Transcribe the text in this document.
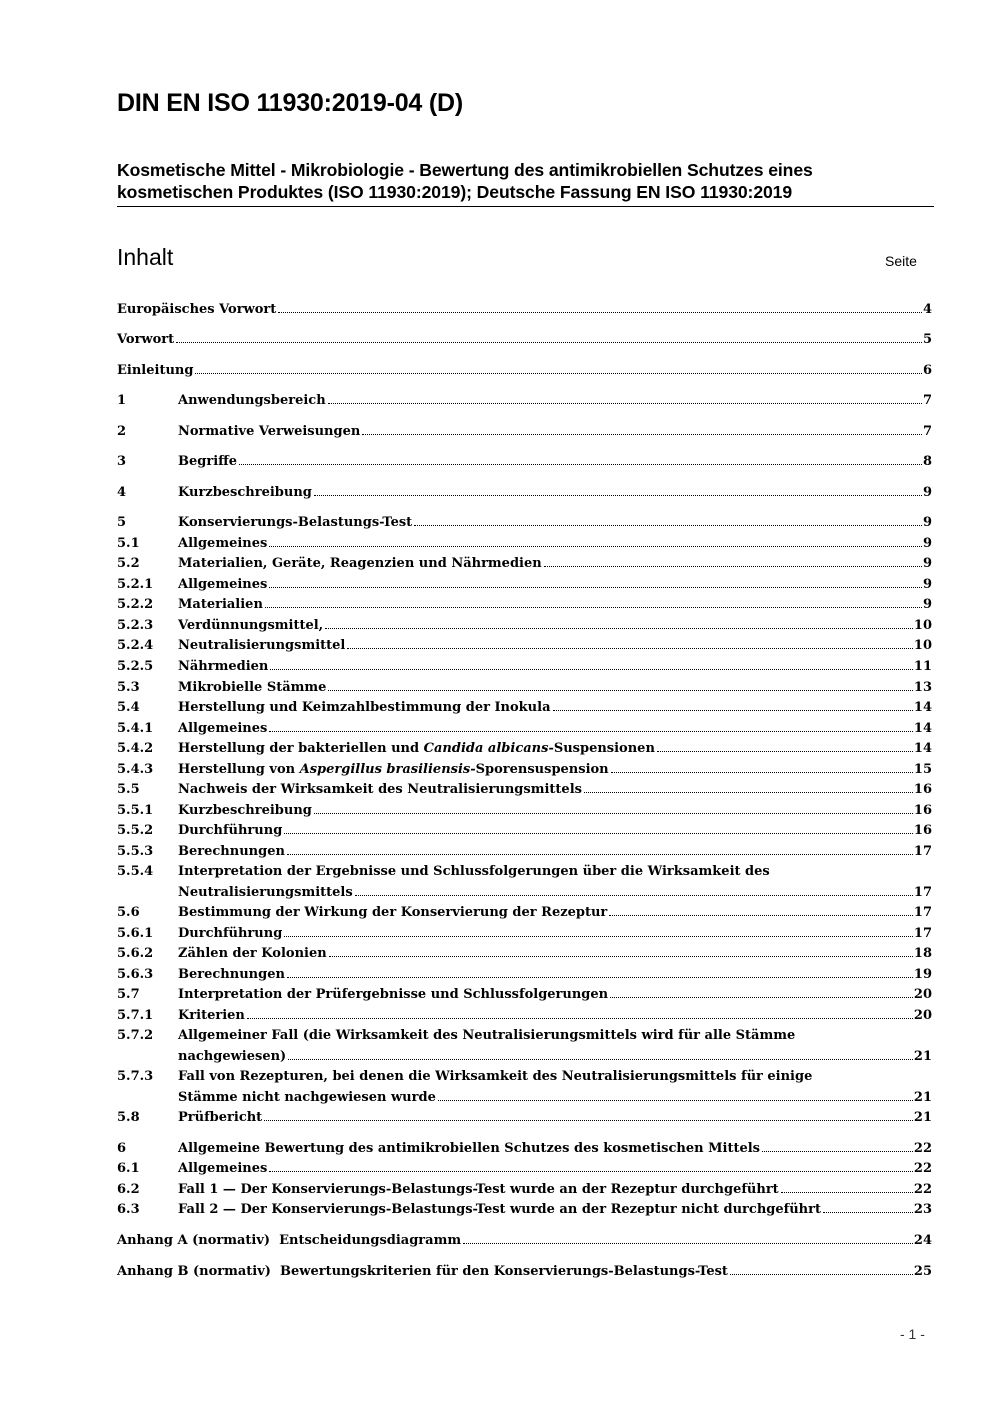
DIN EN ISO 11930:2019-04 (D)
Kosmetische Mittel - Mikrobiologie - Bewertung des antimikrobiellen Schutzes eines
kosmetischen Produktes (ISO 11930:2019); Deutsche Fassung EN ISO 11930:2019
Inhalt	Seite
Europäisches Vorwort	4
Vorwort	5
Einleitung	6
1	Anwendungsbereich	7
2	Normative Verweisungen	7
3	Begriffe	8
4	Kurzbeschreibung	9
5	Konservierungs-Belastungs-Test	9
5.1	Allgemeines	9
5.2	Materialien, Geräte, Reagenzien und Nährmedien	9
5.2.1	Allgemeines	9
5.2.2	Materialien	9
5.2.3	Verdünnungsmittel,	10
5.2.4	Neutralisierungsmittel	10
5.2.5	Nährmedien	11
5.3	Mikrobielle Stämme	13
5.4	Herstellung und Keimzahlbestimmung der Inokula	14
5.4.1	Allgemeines	14
5.4.2	Herstellung der bakteriellen und Candida albicans-Suspensionen	14
5.4.3	Herstellung von Aspergillus brasiliensis-Sporensuspension	15
5.5	Nachweis der Wirksamkeit des Neutralisierungsmittels	16
5.5.1	Kurzbeschreibung	16
5.5.2	Durchführung	16
5.5.3	Berechnungen	17
5.5.4	Interpretation der Ergebnisse und Schlussfolgerungen über die Wirksamkeit des
Neutralisierungsmittels	17
5.6	Bestimmung der Wirkung der Konservierung der Rezeptur	17
5.6.1	Durchführung	17
5.6.2	Zählen der Kolonien	18
5.6.3	Berechnungen	19
5.7	Interpretation der Prüfergebnisse und Schlussfolgerungen	20
5.7.1	Kriterien	20
5.7.2	Allgemeiner Fall (die Wirksamkeit des Neutralisierungsmittels wird für alle Stämme
nachgewiesen)	21
5.7.3	Fall von Rezepturen, bei denen die Wirksamkeit des Neutralisierungsmittels für einige
Stämme nicht nachgewiesen wurde	21
5.8	Prüfbericht	21
6	Allgemeine Bewertung des antimikrobiellen Schutzes des kosmetischen Mittels	22
6.1	Allgemeines	22
6.2	Fall 1 — Der Konservierungs-Belastungs-Test wurde an der Rezeptur durchgeführt	22
6.3	Fall 2 — Der Konservierungs-Belastungs-Test wurde an der Rezeptur nicht durchgeführt	23
Anhang A (normativ)  Entscheidungsdiagramm	24
Anhang B (normativ)  Bewertungskriterien für den Konservierungs-Belastungs-Test	25
- 1 -
